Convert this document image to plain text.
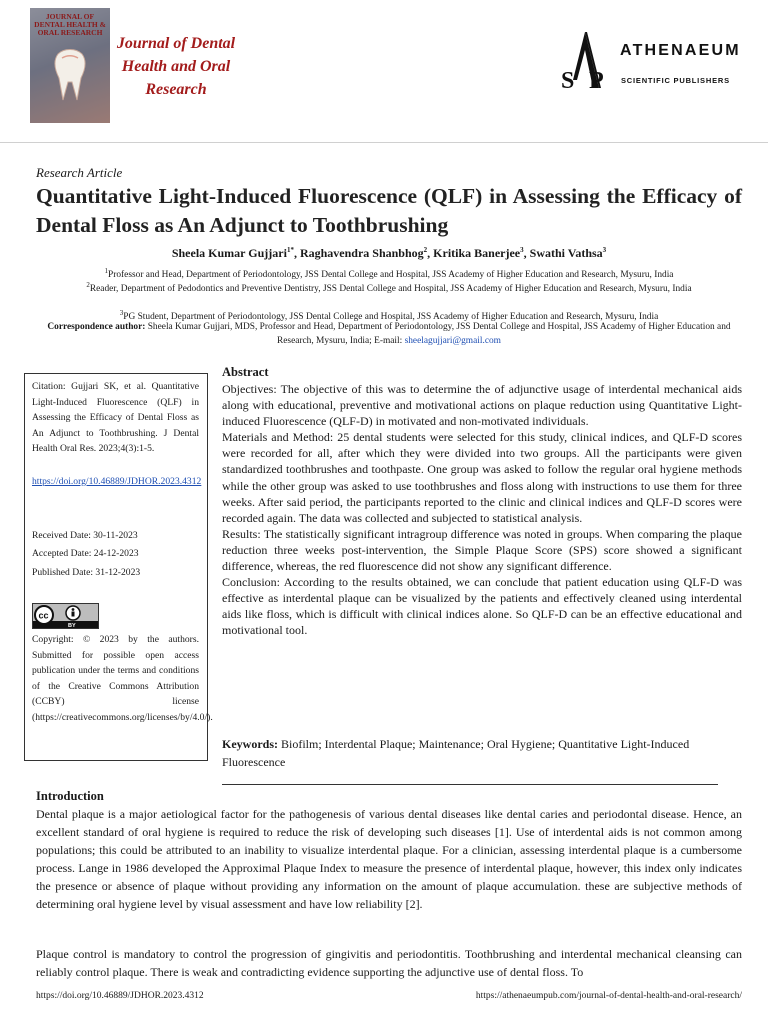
JOURNAL OF DENTAL HEALTH & ORAL RESEARCH
Journal of Dental
Health and Oral
Research	S P
ATHENAEUM
SCIENTIFIC PUBLISHERS
Research Article
Quantitative Light-Induced Fluorescence (QLF) in Assessing the Efficacy of Dental Floss as An Adjunct to Toothbrushing
Sheela Kumar Gujjari$^{1*}$, Raghavendra Shanbhog$^2$, Kritika Banerjee$^3$, Swathi Vathsa$^3$
$^1$Professor and Head, Department of Periodontology, JSS Dental College and Hospital, JSS Academy of Higher Education and Research, Mysuru, India
$^2$Reader, Department of Pedodontics and Preventive Dentistry, JSS Dental College and Hospital, JSS Academy of Higher Education and Research, Mysuru, India
$^3$PG Student, Department of Periodontology, JSS Dental College and Hospital, JSS Academy of Higher Education and Research, Mysuru, India
Correspondence author: Sheela Kumar Gujjari, MDS, Professor and Head, Department of Periodontology, JSS Dental College and Hospital, JSS Academy of Higher Education and Research, Mysuru, India; E-mail: sheelagujjari@gmail.com
Citation: Gujjari SK, et al. Quantitative Light-Induced Fluorescence (QLF) in Assessing the Efficacy of Dental Floss as An Adjunct to Toothbrushing. J Dental Health Oral Res. 2023;4(3):1-5.
https://doi.org/10.46889/JDHOR.2023.4312
Received Date: 30-11-2023
Accepted Date: 24-12-2023
Published Date: 31-12-2023
cc
BY
Copyright: © 2023 by the authors. Submitted for possible open access publication under the terms and conditions of the Creative Commons Attribution (CCBY) license (https://creativecommons.org/licenses/by/4.0/).
Abstract

Objectives: The objective of this was to determine the of adjunctive usage of interdental mechanical aids along with educational, preventive and motivational actions on plaque reduction using Quantitative Light- induced Fluorescence (QLF-D) in motivated and non-motivated individuals.

Materials and Method: 25 dental students were selected for this study, clinical indices, and QLF-D scores were recorded for all, after which they were divided into two groups. All the participants were given standardized toothbrushes and toothpaste. One group was asked to follow the regular oral hygiene methods while the other group was asked to use toothbrushes and floss along with instructions to use them for three weeks. After said period, the participants reported to the clinic and clinical indices and QLF-D scores were recorded again. The data was collected and subjected to statistical analysis.

Results: The statistically significant intragroup difference was noted in groups. When comparing the plaque reduction three weeks post-intervention, the Simple Plaque Score (SPS) score showed a significant difference, whereas, the red fluorescence did not show any significant difference.

Conclusion: According to the results obtained, we can conclude that patient education using QLF-D was effective as interdental plaque can be visualized by the patients and effectively cleaned using interdental aids like floss, which is difficult with clinical indices alone. So QLF-D can be an effective educational and motivational tool.

Keywords: Biofilm; Interdental Plaque; Maintenance; Oral Hygiene; Quantitative Light-Induced Fluorescence
Introduction

Dental plaque is a major aetiological factor for the pathogenesis of various dental diseases like dental caries and periodontal disease. Hence, an excellent standard of oral hygiene is required to reduce the risk of developing such diseases [1]. Use of interdental aids is not common among populations; this could be attributed to an inability to visualize interdental plaque. For a clinician, assessing interdental plaque is a cumbersome process. Lange in 1986 developed the Approximal Plaque Index to measure the presence of interdental plaque, however, this index only indicates the presence or absence of plaque without providing any information on the amount of plaque accumulation. these are subjective methods of determining oral hygiene level by visual assessment and have low reliability [2].

Plaque control is mandatory to control the progression of gingivitis and periodontitis. Toothbrushing and interdental mechanical cleansing can reliably control plaque. There is weak and contradicting evidence supporting the adjunctive use of dental floss. To

https://doi.org/10.46889/JDHOR.2023.4312	https://athenaeumpub.com/journal-of-dental-health-and-oral-research/
